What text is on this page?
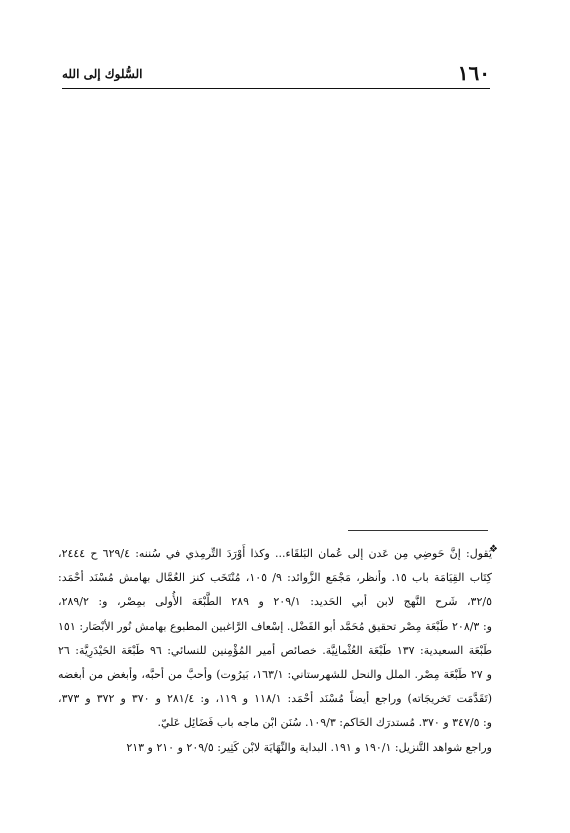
١٦٠
السُّلوك إلى الله
❖
يَقول: إنَّ حَوضِي مِن عَدن إلى عُمان البَلقَاء... وكذا أَوْرَدَ التِّرمِذي في سُننه: ٦٢٩/٤ ح ٢٤٤٤،
كِتَاب القِيَامَة باب ١٥. وأنظر، مَجْمَع الزَّوائد: ٩/ ١٠٥، مُنْتَخَب كنز العُمَّال بهامش مُسْنَد أحْمَد:
٣٢/٥، شَرح النَّهج لابن أبي الحَديد: ٢٠٩/١ و ٢٨٩ الطَّبْعَة الأُولى بمِصْر، و: ٢٨٩/٢،
و: ٢٠٨/٣ طَبْعَة مِصْر تحقيق مُحَمَّد أبو الفَضْل. إسْعاف الرَّاغبين المطبوع بهامش نُور الأبْصَار: ١٥١
طَبْعَة السعيدية: ١٣٧ طَبْعَة العُثْمانِيَّة. خصائص أمير المُؤْمِنين للنسائي: ٩٦ طَبْعَة الحَيْدَرِيَّة: ٢٦
و ٢٧ طَبْعَة مِصْر. الملل والنحل للشهرستاني: ١٦٣/١، بَيرُوت) وأحبَّ من أحبَّه، وأبغض من أبغضه
(تَقَدَّمَت تَخريجَاته) وراجع أيضاً مُسْنَد أحْمَد: ١١٨/١ و ١١٩، و: ٢٨١/٤ و ٣٧٠ و ٣٧٢ و ٣٧٣،
و: ٣٤٧/٥ و ٣٧٠. مُستدرَك الحَاكم: ١٠٩/٣. سُنَن ابْن ماجه باب فَضَائِل عَليّ.
وراجع شواهد التَّنزيل: ١٩٠/١ و ١٩١. البداية والنِّهَايَة لابْن كَثِير: ٢٠٩/٥ و ٢١٠ و ٢١٣
